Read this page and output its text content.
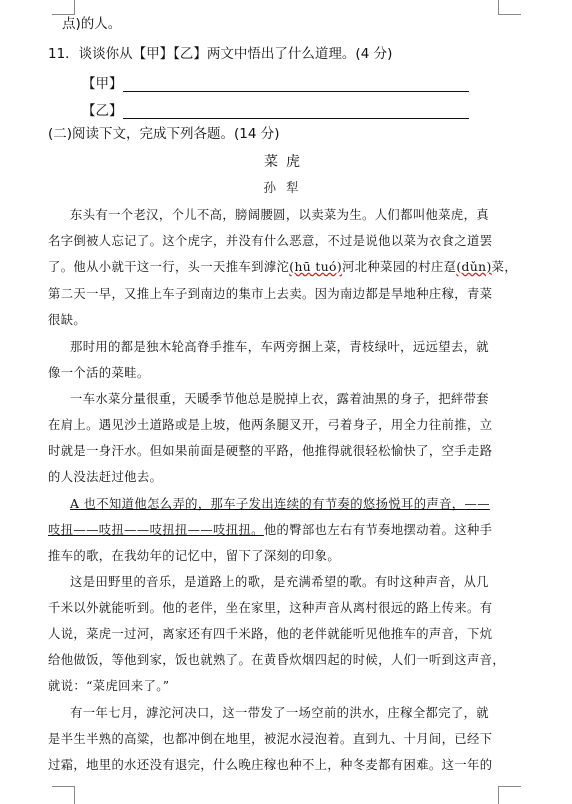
点)的人。
11．谈谈你从【甲】【乙】两文中悟出了什么道理。(4 分)
【甲】
【乙】
(二)阅读下文，完成下列各题。(14 分)
菜虎
孙犁
东头有一个老汉，个儿不高，膀阔腰圆，以卖菜为生。人们都叫他菜虎，真
名字倒被人忘记了。这个虎字，并没有什么恶意，不过是说他以菜为衣食之道罢
了。他从小就干这一行，头一天推车到滹沱(hū tuó)河北种菜园的村庄趸(dǔn)菜，
第二天一早，又推上车子到南边的集市上去卖。因为南边都是旱地种庄稼，青菜
很缺。
那时用的都是独木轮高脊手推车，车两旁捆上菜，青枝绿叶，远远望去，就
像一个活的菜畦。
一车水菜分量很重，天暖季节他总是脱掉上衣，露着油黑的身子，把絆带套
在肩上。遇见沙土道路或是上坡，他两条腿叉开，弓着身子，用全力往前推，立
时就是一身汗水。但如果前面是硬整的平路，他推得就很轻松愉快了，空手走路
的人没法赶过他去。
A 也不知道他怎么弄的，那车子发出连续的有节奏的悠扬悦耳的声音，——
吱扭——吱扭——吱扭扭——吱扭扭。他的臀部也左右有节奏地摆动着。这种手
推车的歌，在我幼年的记忆中，留下了深刻的印象。
这是田野里的音乐，是道路上的歌，是充满希望的歌。有时这种声音，从几
千米以外就能听到。他的老伴，坐在家里，这种声音从离村很远的路上传来。有
人说，菜虎一过河，离家还有四千米路，他的老伴就能听见他推车的声音，下炕
给他做饭，等他到家，饭也就熟了。在黄昏炊烟四起的时候，人们一听到这声音，
就说：“菜虎回来了。”
有一年七月，滹沱河决口，这一带发了一场空前的洪水，庄稼全都完了，就
是半生半熟的高粱，也都冲倒在地里，被泥水浸泡着。直到九、十月间，已经下
过霜，地里的水还没有退完，什么晚庄稼也种不上，种冬麦都有困难。这一年的
